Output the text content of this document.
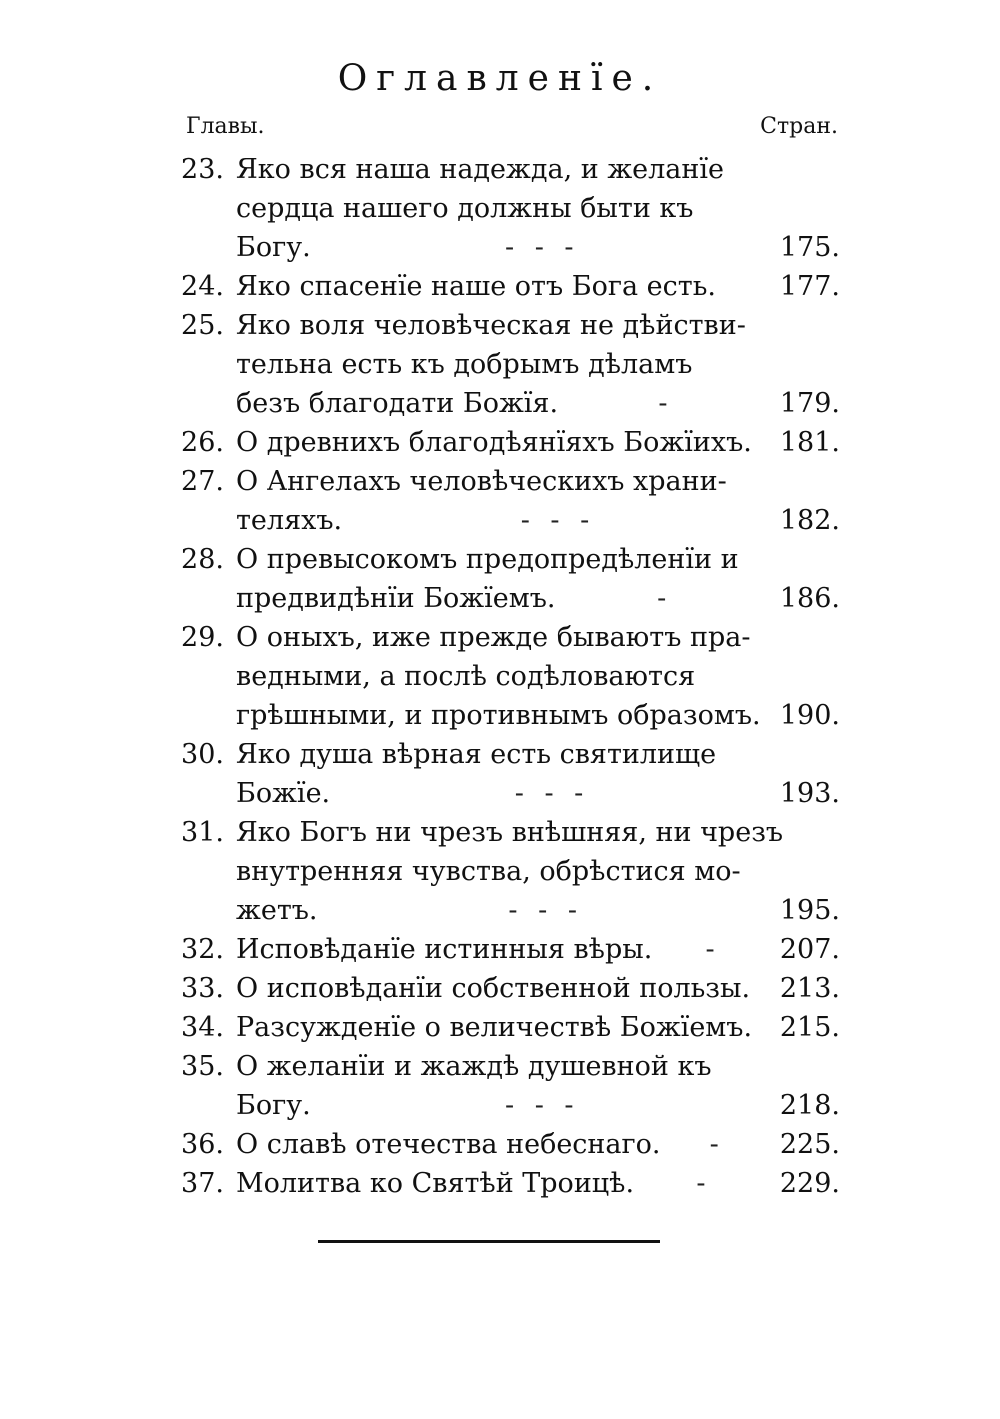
Оглавленïе.
Главы.	Стран.
23. Яко вся наша надежда, и желанïе
сердца нашего должны быти къ
Богу.	- - -	175.
24. Яко спасенïе наше отъ Бога есть. 177.
25. Яко воля человѣческая не дѣйстви-
тельна есть къ добрымъ дѣламъ
безъ благодати Божïя.	-	179.
26. О древнихъ благодѣянïяхъ Божïихъ. 181.
27. О Ангелахъ человѣческихъ храни-
теляхъ.	- - -	182.
28. О превысокомъ предопредѣленïи и
предвидѣнïи Божïемъ.	-	186.
29. О оныхъ, иже прежде бываютъ пра-
ведными, а послѣ содѣловаются
грѣшными, и противнымъ образомъ. 190.
30. Яко душа вѣрная есть святилище
Божïе.	- - -	193.
31. Яко Богъ ни чрезъ внѣшняя, ни чрезъ
внутренняя чувства, обрѣстися мо-
жетъ.	- - -	195.
32. Исповѣданïе истинныя вѣры.	-	207.
33. О исповѣданïи собственной пользы. 213.
34. Разсужденïе о величествѣ Божïемъ. 215.
35. О желанïи и жаждѣ душевной къ
Богу.	- - -	218.
36. О славѣ отечества небеснаго.	-	225.
37. Молитва ко Святѣй Троицѣ.	-	229.
